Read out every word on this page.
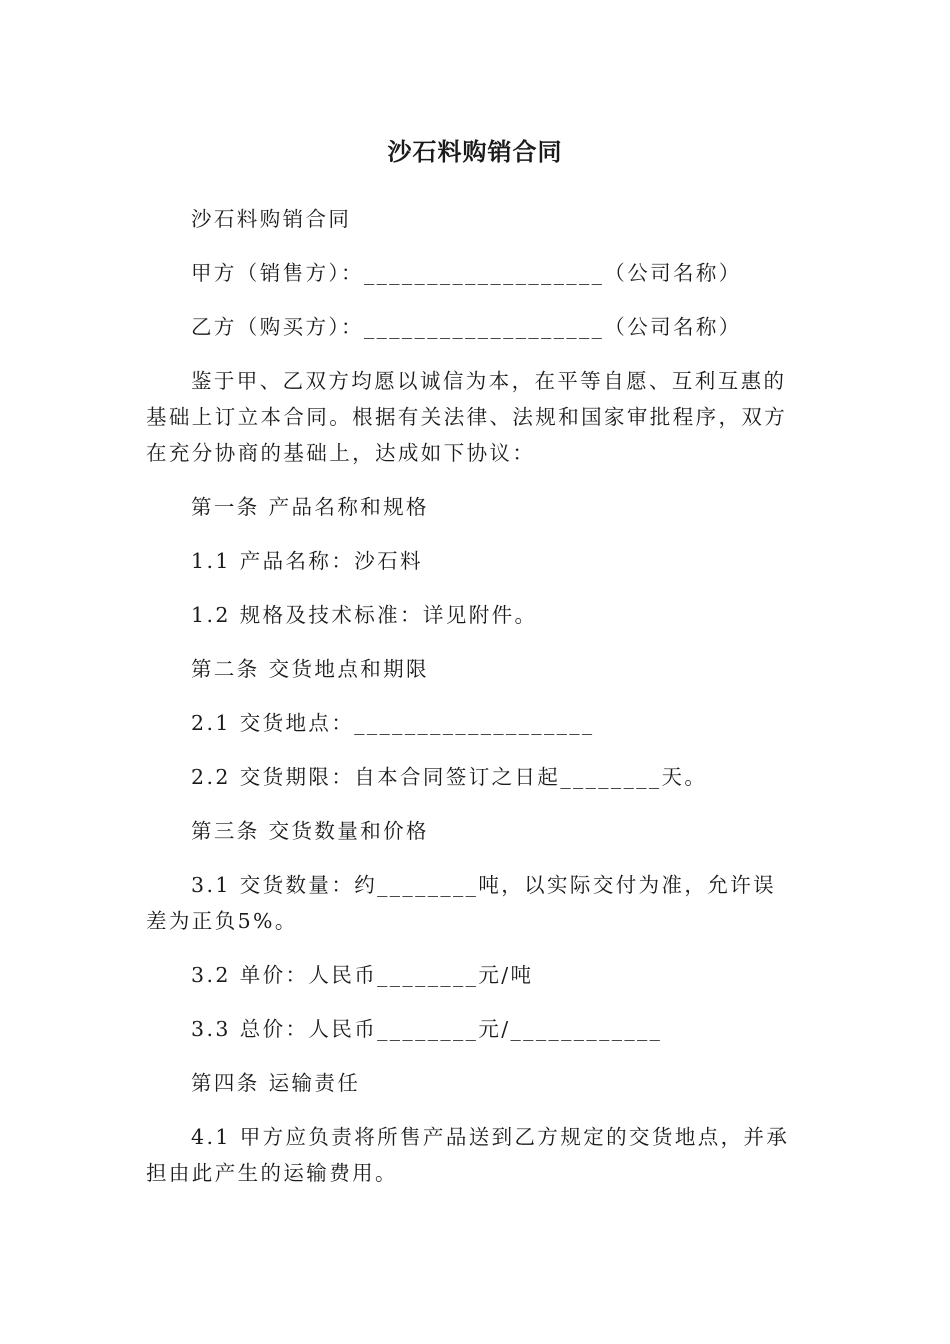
沙石料购销合同

沙石料购销合同

甲方（销售方）：___________________（公司名称）

乙方（购买方）：___________________（公司名称）

鉴于甲、乙双方均愿以诚信为本，在平等自愿、互利互惠的基础上订立本合同。根据有关法律、法规和国家审批程序，双方在充分协商的基础上，达成如下协议：

第一条 产品名称和规格

1.1 产品名称：沙石料

1.2 规格及技术标准：详见附件。

第二条 交货地点和期限

2.1 交货地点：___________________

2.2 交货期限：自本合同签订之日起________天。

第三条 交货数量和价格

3.1 交货数量：约________吨，以实际交付为准，允许误差为正负5%。

3.2 单价：人民币________元/吨

3.3 总价：人民币________元/____________

第四条 运输责任

4.1 甲方应负责将所售产品送到乙方规定的交货地点，并承担由此产生的运输费用。
